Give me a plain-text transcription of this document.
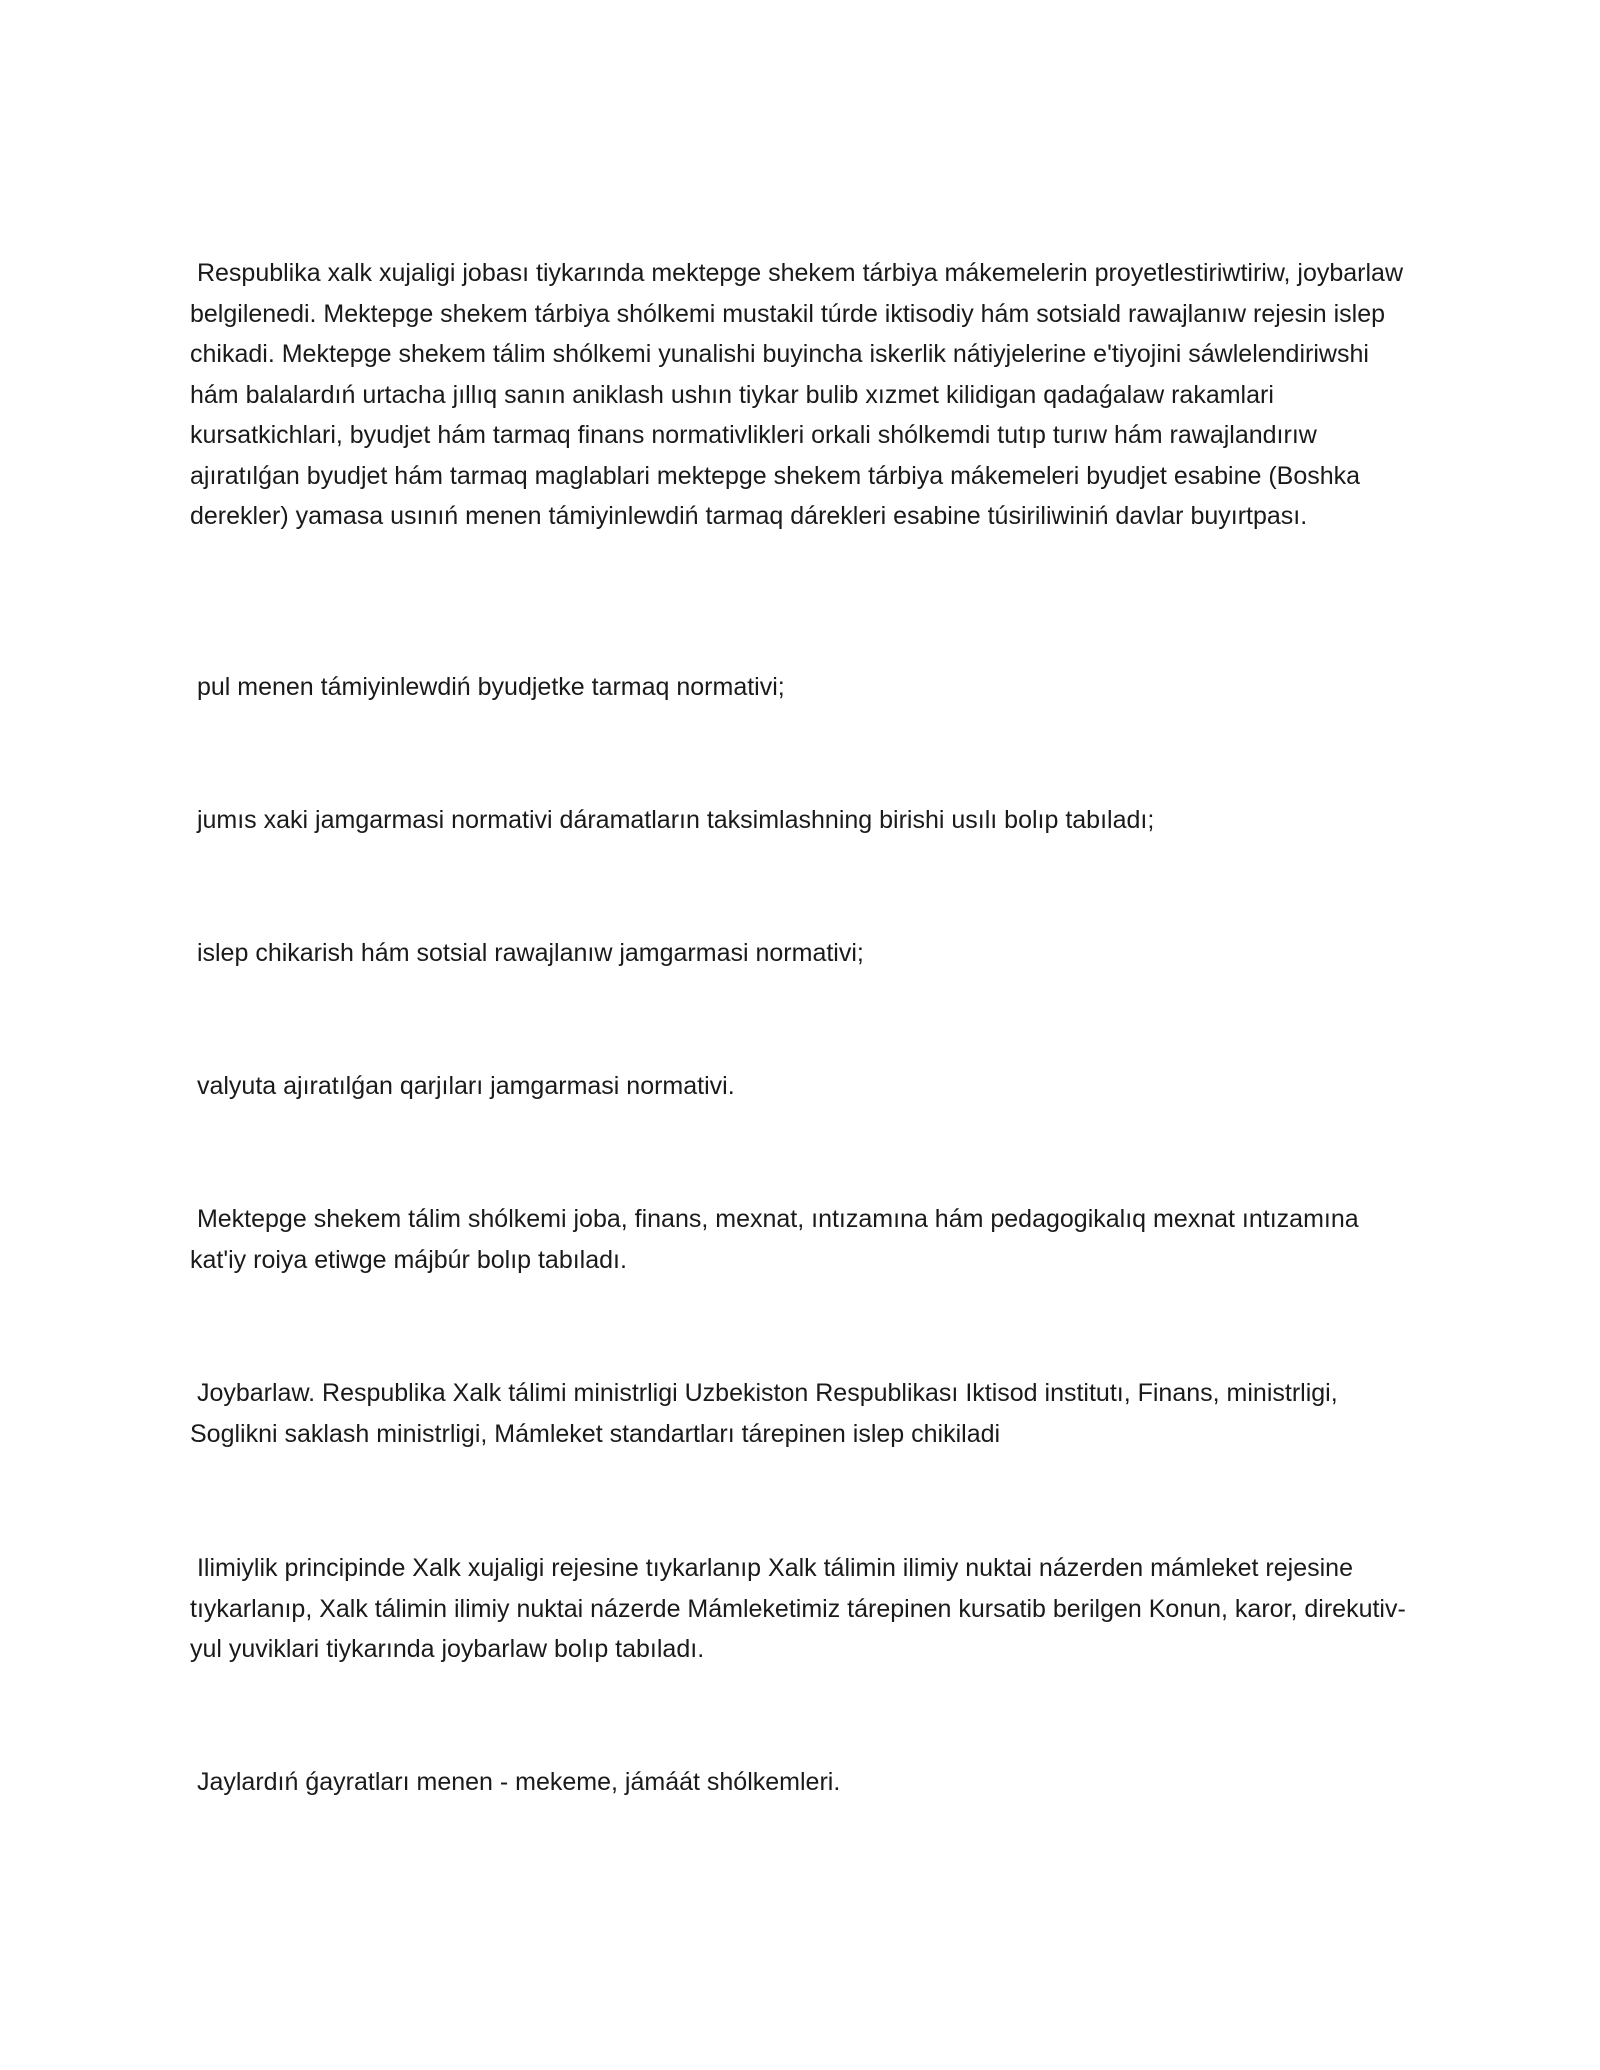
Respublika xalk xujaligi jobası tiykarında mektepge shekem tárbiya mákemelerin proyetlestiriwtiriw, joybarlaw belgilenedi. Mektepge shekem tárbiya shólkemi mustakil túrde iktisodiy hám sotsiald rawajlanıw rejesin islep chikadi. Mektepge shekem tálim shólkemi yunalishi buyincha iskerlik nátiyjelerine e'tiyojini sáwlelendiriwshi hám balalardıń urtacha jıllıq sanın aniklash ushın tiykar bulib xızmet kilidigan qadaǵalaw rakamlari kursatkichlari, byudjet hám tarmaq finans normativlikleri orkali shólkemdi tutıp turıw hám rawajlandırıw ajıratılǵan byudjet hám tarmaq maglablari mektepge shekem tárbiya mákemeleri byudjet esabine (Boshka derekler) yamasa usınıń menen támiyinlewdiń tarmaq dárekleri esabine túsiriliwiniń davlar buyırtpası.

pul menen támiyinlewdiń byudjetke tarmaq normativi;

jumıs xaki jamgarmasi normativi dáramatların taksimlashning birishi usılı bolıp tabıladı;

islep chikarish hám sotsial rawajlanıw jamgarmasi normativi;

valyuta ajıratılǵan qarjıları jamgarmasi normativi.

Mektepge shekem tálim shólkemi joba, finans, mexnat, ıntızamına hám pedagogikalıq mexnat ıntızamına kat'iy roiya etiwge májbúr bolıp tabıladı.

Joybarlaw. Respublika Xalk tálimi ministrligi Uzbekiston Respublikası Iktisod institutı, Finans, ministrligi, Soglikni saklash ministrligi, Mámleket standartları tárepinen islep chikiladi

Ilimiylik principinde Xalk xujaligi rejesine tıykarlanıp Xalk tálimin ilimiy nuktai názerden mámleket rejesine tıykarlanıp, Xalk tálimin ilimiy nuktai názerde Mámleketimiz tárepinen kursatib berilgen Konun, karor, direkutiv-yul yuviklari tiykarında joybarlaw bolıp tabıladı.

Jaylardıń ǵayratları menen - mekeme, jámáát shólkemleri.
